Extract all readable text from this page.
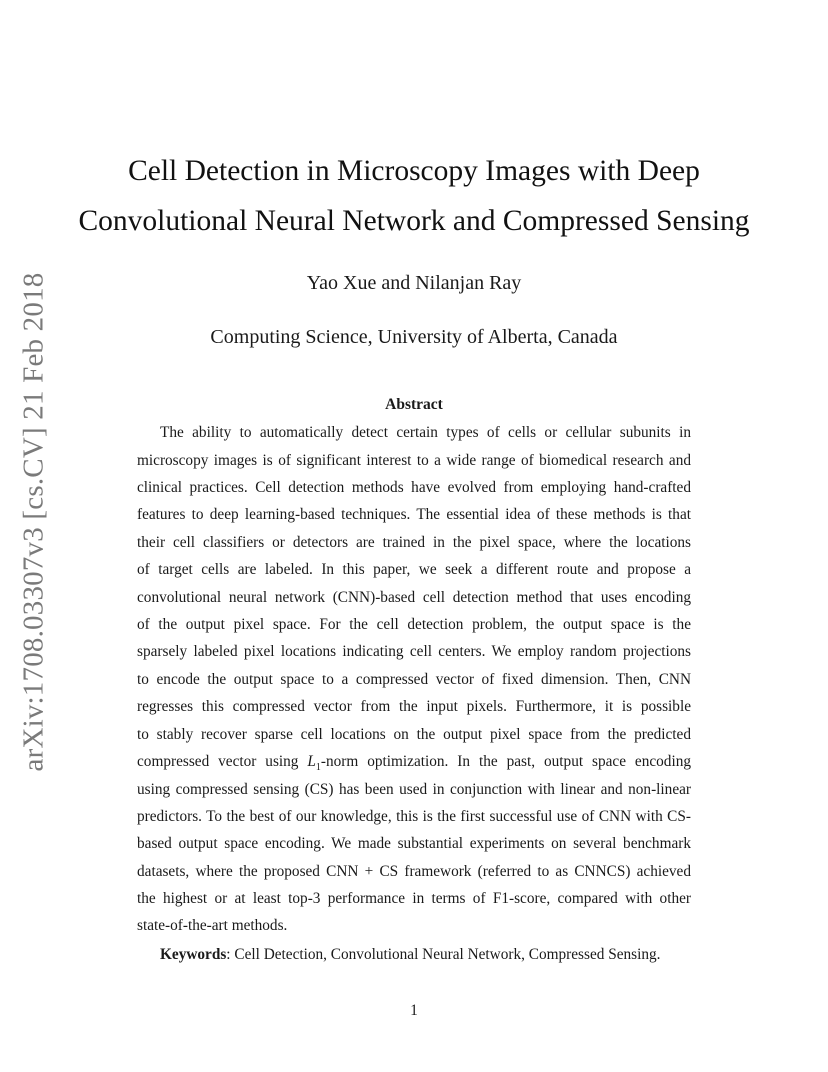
arXiv:1708.03307v3 [cs.CV] 21 Feb 2018
Cell Detection in Microscopy Images with Deep
Convolutional Neural Network and Compressed Sensing
Yao Xue and Nilanjan Ray
Computing Science, University of Alberta, Canada
Abstract
The ability to automatically detect certain types of cells or cellular subunits in
microscopy images is of significant interest to a wide range of biomedical research and
clinical practices. Cell detection methods have evolved from employing hand-crafted
features to deep learning-based techniques. The essential idea of these methods is that
their cell classifiers or detectors are trained in the pixel space, where the locations
of target cells are labeled. In this paper, we seek a different route and propose a
convolutional neural network (CNN)-based cell detection method that uses encoding
of the output pixel space. For the cell detection problem, the output space is the
sparsely labeled pixel locations indicating cell centers. We employ random projections
to encode the output space to a compressed vector of fixed dimension. Then, CNN
regresses this compressed vector from the input pixels. Furthermore, it is possible
to stably recover sparse cell locations on the output pixel space from the predicted
compressed vector using $L_1$-norm optimization. In the past, output space encoding
using compressed sensing (CS) has been used in conjunction with linear and non-linear
predictors. To the best of our knowledge, this is the first successful use of CNN with CS-
based output space encoding. We made substantial experiments on several benchmark
datasets, where the proposed CNN + CS framework (referred to as CNNCS) achieved
the highest or at least top-3 performance in terms of F1-score, compared with other
state-of-the-art methods.
Keywords: Cell Detection, Convolutional Neural Network, Compressed Sensing.
1
